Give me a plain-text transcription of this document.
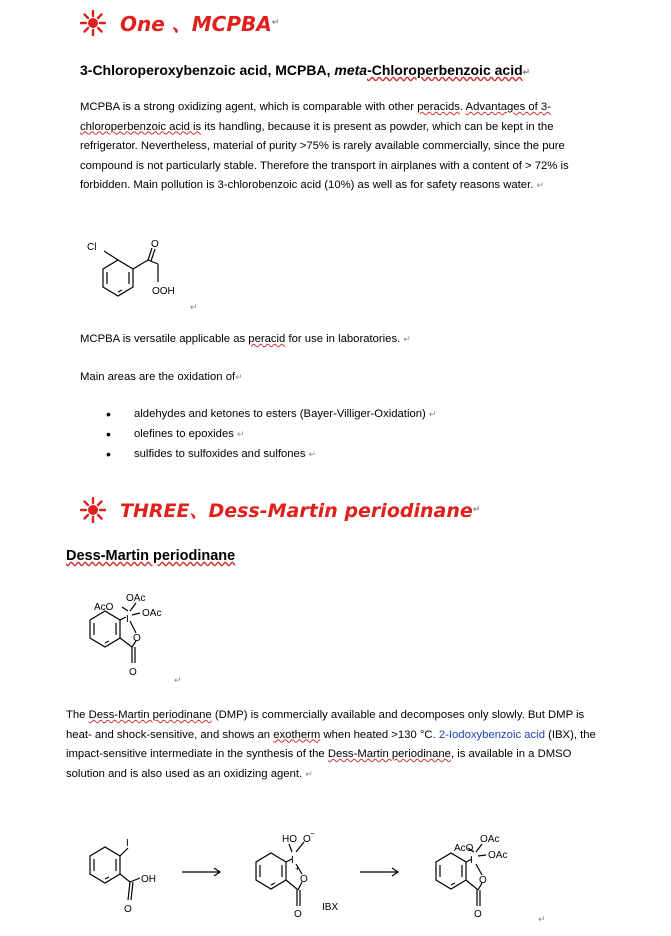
One 、MCPBA ↵
3-Chloroperoxybenzoic acid, MCPBA, meta-Chloroperbenzoic acid↵
MCPBA is a strong oxidizing agent, which is comparable with other peracids. Advantages of 3-chloroperbenzoic acid is its handling, because it is present as powder, which can be kept in the refrigerator. Nevertheless, material of purity >75% is rarely available commercially, since the pure compound is not particularly stable. Therefore the transport in airplanes with a content of > 72% is forbidden. Main pollution is 3-chlorobenzoic acid (10%) as well as for safety reasons water. ↵
Cl	O
OOH
↵
MCPBA is versatile applicable as peracid for use in laboratories. ↵
Main areas are the oxidation of↵
• aldehydes and ketones to esters (Bayer-Villiger-Oxidation) ↵
• olefines to epoxides ↵
• sulfides to sulfoxides and sulfones ↵
THREE、Dess-Martin periodinane ↵
Dess-Martin periodinane
OAc
AcO
OAc
I
O
O
↵
The Dess-Martin periodinane (DMP) is commercially available and decomposes only slowly. But DMP is heat- and shock-sensitive, and shows an exotherm when heated >130 °C. 2-Iodoxybenzoic acid (IBX), the impact-sensitive intermediate in the synthesis of the Dess-Martin periodinane, is available in a DMSO solution and is also used as an oxidizing agent. ↵
I
OH
O
HO O
−
I
+
O
O
IBX
AcO
OAc
OAc
I
O
O	↵
